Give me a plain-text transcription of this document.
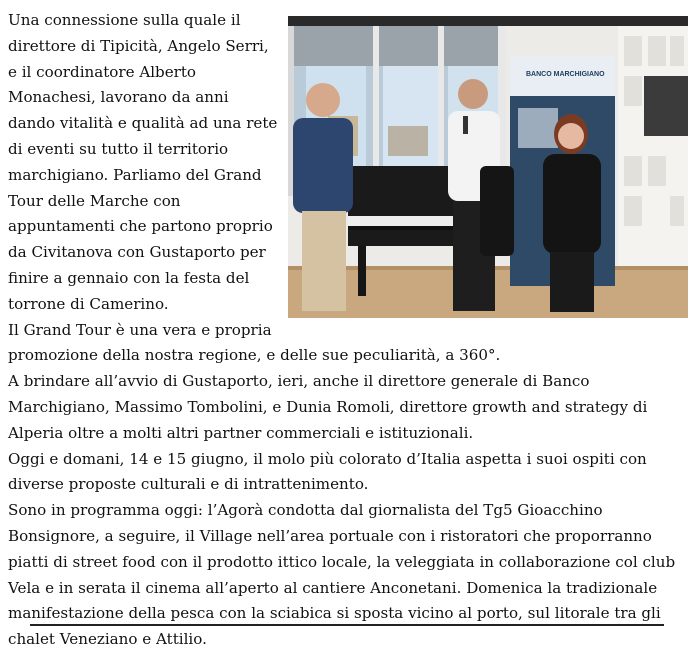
BANCO MARCHIGIANO

Una connessione sulla quale il direttore di Tipicità, Angelo Serri, e il coordinatore Alberto Monachesi, lavorano da anni dando vitalità e qualità ad una rete di eventi su tutto il territorio marchigiano. Parliamo del Grand Tour delle Marche con appuntamenti che partono proprio da Civitanova con Gustaporto per finire a gennaio con la festa del torrone di Camerino.

Il Grand Tour è una vera e propria promozione della nostra regione, e delle sue peculiarità, a 360°.

A brindare all’avvio di Gustaporto, ieri, anche il direttore generale di Banco Marchigiano, Massimo Tombolini, e Dunia Romoli, direttore growth and strategy di Alperia oltre a molti altri partner commerciali e istituzionali.

Oggi e domani, 14 e 15 giugno, il molo più colorato d’Italia aspetta i suoi ospiti con diverse proposte culturali e di intrattenimento.

Sono in programma oggi: l’Agorà condotta dal giornalista del Tg5 Gioacchino Bonsignore, a seguire, il Village nell’area portuale con i ristoratori che proporranno piatti di street food con il prodotto ittico locale, la veleggiata in collaborazione col club Vela e in serata il cinema all’aperto al cantiere Anconetani. Domenica la tradizionale manifestazione della pesca con la sciabica si sposta vicino al porto, sul litorale tra gli chalet Veneziano e Attilio.
